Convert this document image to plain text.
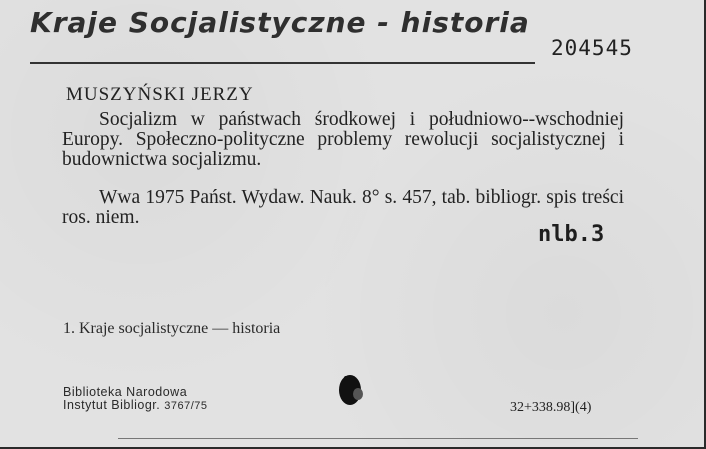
Kraje Socjalistyczne - historia
204545
MUSZYŃSKI JERZY
Socjalizm w państwach środkowej i południowo--wschodniej Europy. Społeczno-polityczne problemy rewolucji socjalistycznej i budownictwa socjalizmu.
Wwa 1975 Państ. Wydaw. Nauk. 8° s. 457, tab. bibliogr. spis treści ros. niem.
nlb.3
1. Kraje socjalistyczne — historia
Biblioteka Narodowa
Instytut Bibliogr. 3767/75	32+338.98](4)
